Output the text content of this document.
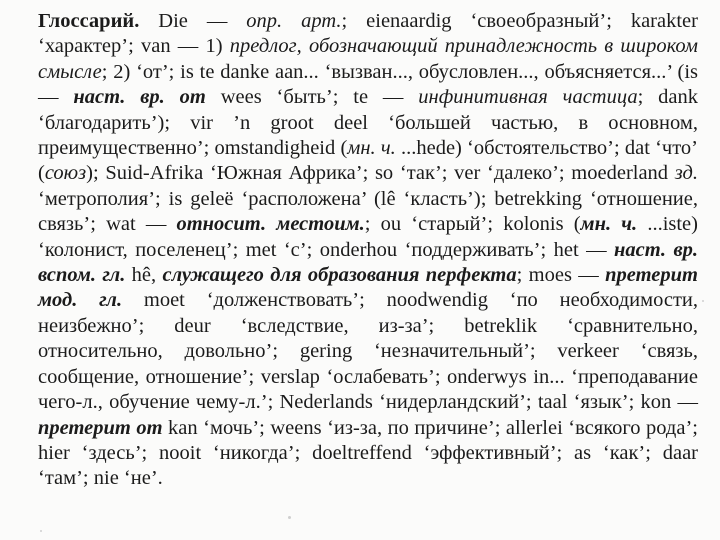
Глоссарий. Die — опр. арт.; eienaardig ‘своеобразный’; karakter ‘характер’; van — 1) предлог, обозначающий принадлежность в широком смысле; 2) ‘от’; is te danke aan... ‘вызван..., обусловлен..., объясняется...’ (is — наст. вр. от wees ‘быть’; te — инфинитивная частица; dank ‘благодарить’); vir ’n groot deel ‘большей частью, в основном, преимущественно’; omstandigheid (мн. ч. ...hede) ‘обстоятельство’; dat ‘что’ (союз); Suid-Afrika ‘Южная Африка’; so ‘так’; ver ‘далеко’; moederland зд. ‘метрополия’; is geleë ‘расположена’ (lê ‘класть’); betrekking ‘отношение, связь’; wat — относит. местоим.; ou ‘старый’; kolonis (мн. ч. ...iste) ‘колонист, поселенец’; met ‘с’; onderhou ‘поддерживать’; het — наст. вр. вспом. гл. hê, служащего для образования перфекта; moes — претерит мод. гл. moet ‘долженствовать’; noodwendig ‘по необходимости, неизбежно’; deur ‘вследствие, из-за’; betreklik ‘сравнительно, относительно, довольно’; gering ‘незначительный’; verkeer ‘связь, сообщение, отношение’; verslap ‘ослабевать’; onderwys in... ‘преподавание чего-л., обучение чему-л.’; Nederlands ‘нидерландский’; taal ‘язык’; kon — претерит от kan ‘мочь’; weens ‘из-за, по причине’; allerlei ‘всякого рода’; hier ‘здесь’; nooit ‘никогда’; doeltreffend ‘эффективный’; as ‘как’; daar ‘там’; nie ‘не’.
